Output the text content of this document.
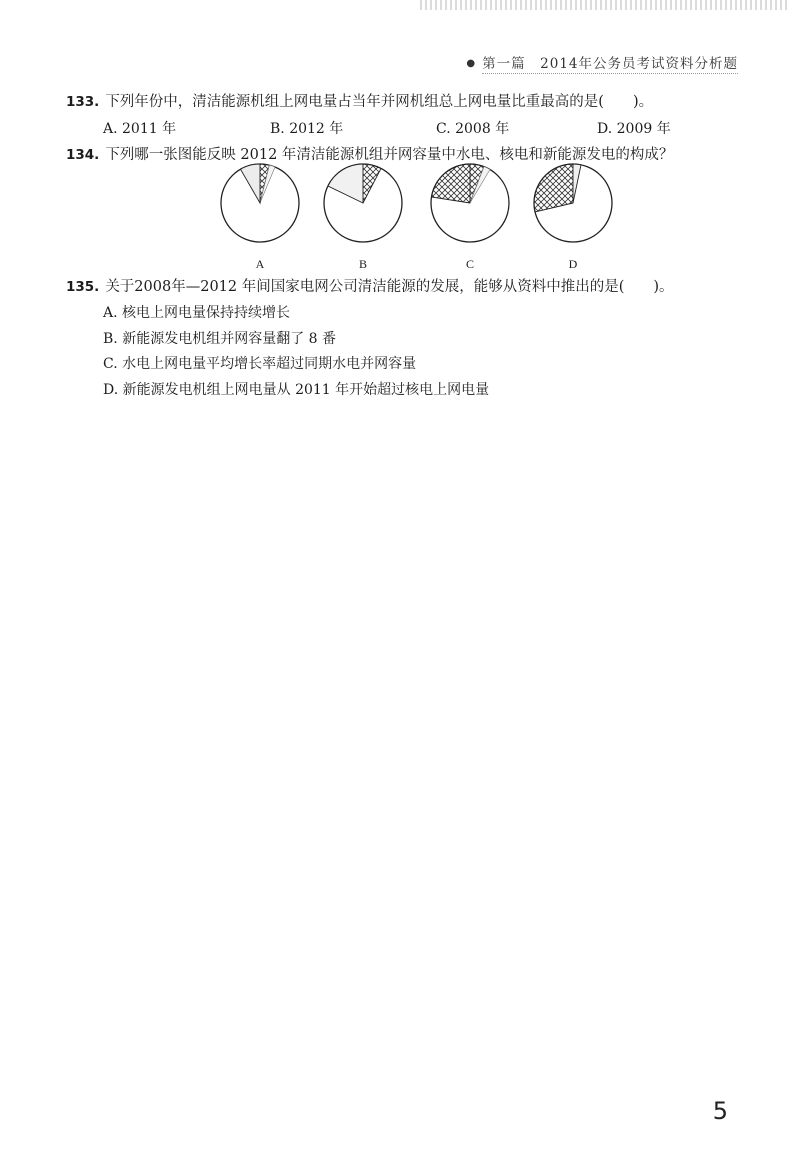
● 第一篇　2014年公务员考试资料分析题
133. 下列年份中，清洁能源机组上网电量占当年并网机组总上网电量比重最高的是(　　)。
A. 2011 年	B. 2012 年	C. 2008 年	D. 2009 年
134. 下列哪一张图能反映 2012 年清洁能源机组并网容量中水电、核电和新能源发电的构成？
A	B	C	D
135. 关于2008年—2012 年间国家电网公司清洁能源的发展，能够从资料中推出的是(　　)。
A. 核电上网电量保持持续增长
B. 新能源发电机组并网容量翻了 8 番
C. 水电上网电量平均增长率超过同期水电并网容量
D. 新能源发电机组上网电量从 2011 年开始超过核电上网电量
5
